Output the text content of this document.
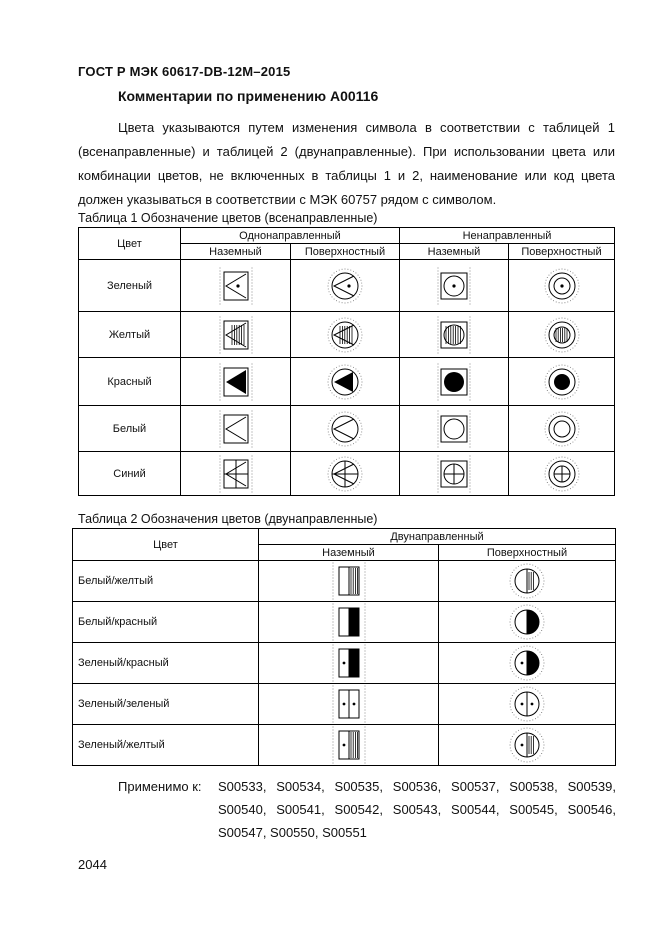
ГОСТ Р МЭК 60617-DB-12M–2015
Комментарии по применению A00116
Цвета указываются путем изменения символа в соответствии с таблицей 1 (всенаправленные) и таблицей 2 (двунаправленные). При использовании цвета или комбинации цветов, не включенных в таблицы 1 и 2, наименование или код цвета должен указываться в соответствии с МЭК 60757 рядом с символом.
Таблица 1 Обозначение цветов (всенаправленные)
Цвет	Однонаправленный		Ненаправленный	
	Наземный	Поверхностный	Наземный	Поверхностный
Зеленый	

Желтый	

Красный	

Белый	

Синий	

Таблица 2 Обозначения цветов (двунаправленные)
Цвет	Двунаправленный	
	Наземный	Поверхностный
Белый/желтый	

Белый/красный	

Зеленый/красный	

Зеленый/зеленый	

Зеленый/желтый	

Применимо к:	S00533, S00534, S00535, S00536, S00537, S00538, S00539, S00540, S00541, S00542, S00543, S00544, S00545, S00546, S00547, S00550, S00551
2044
